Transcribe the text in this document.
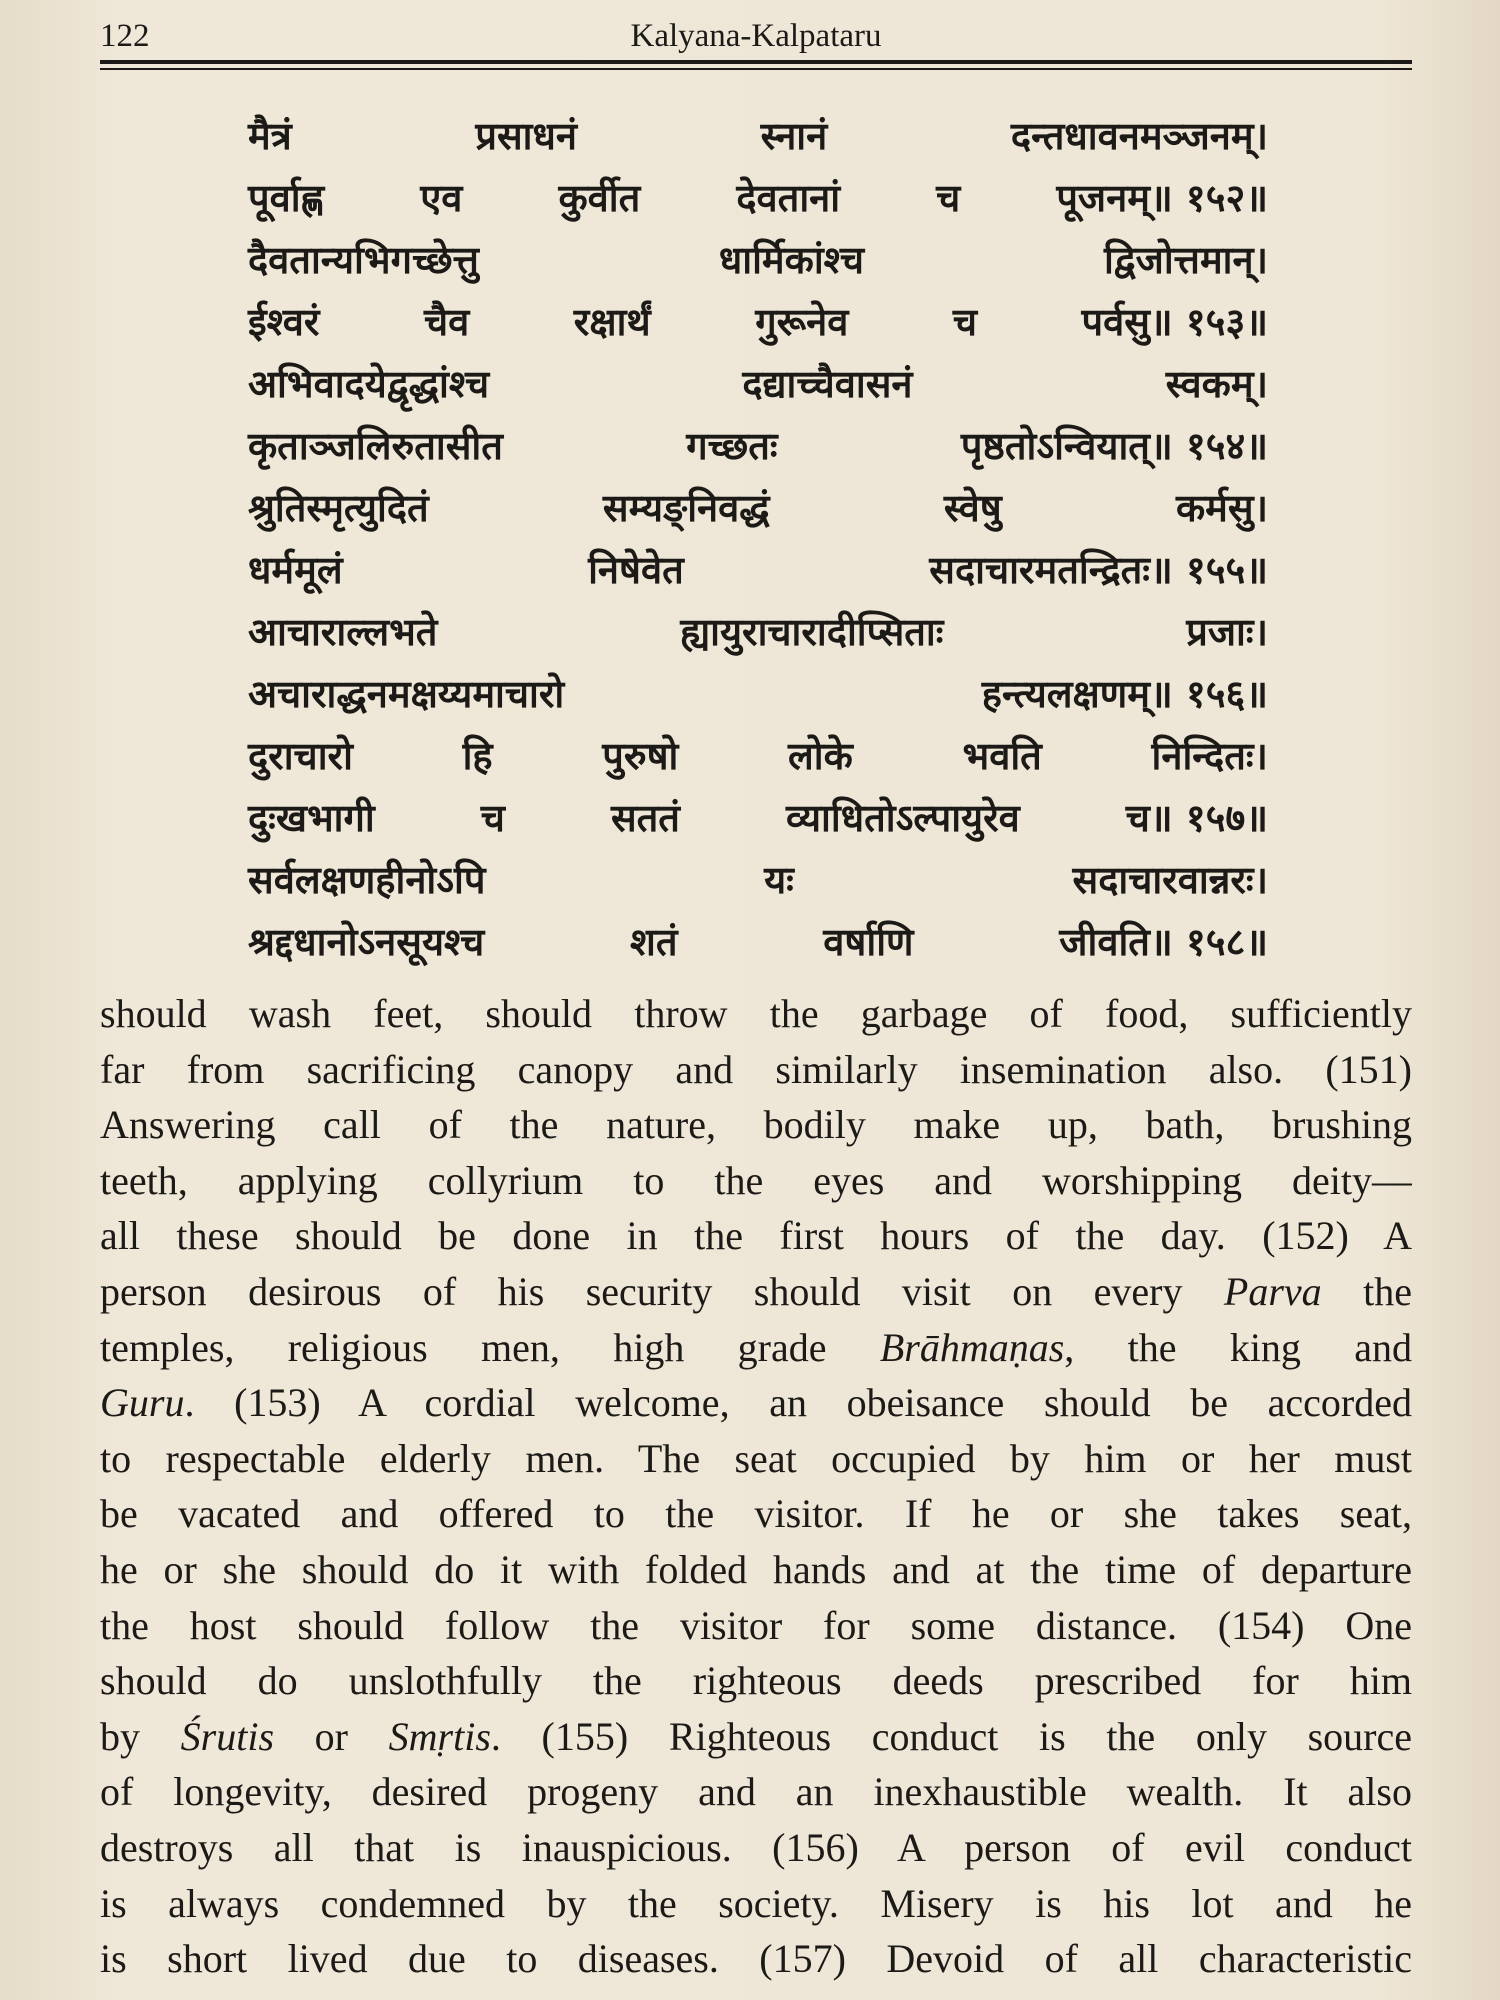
122	Kalyana-Kalpataru
मैत्रं	प्रसाधनं	स्नानं	दन्तधावनमञ्जनम्।
पूर्वाह्ण	एव	कुर्वीत	देवतानां	च	पूजनम्॥ १५२॥
दैवतान्यभिगच्छेत्तु	धार्मिकांश्च	द्विजोत्तमान्।
ईश्वरं	चैव	रक्षार्थं	गुरूनेव	च	पर्वसु॥ १५३॥
अभिवादयेद्वृद्धांश्च	दद्याच्चैवासनं	स्वकम्।
कृताञ्जलिरुतासीत	गच्छतः	पृष्ठतोऽन्वियात्॥ १५४॥
श्रुतिस्मृत्युदितं	सम्यङ्निवद्धं	स्वेषु	कर्मसु।
धर्ममूलं	निषेवेत	सदाचारमतन्द्रितः॥ १५५॥
आचाराल्लभते	ह्यायुराचारादीप्सिताः	प्रजाः।
अचाराद्धनमक्षय्यमाचारो	हन्त्यलक्षणम्॥ १५६॥
दुराचारो	हि	पुरुषो	लोके	भवति	निन्दितः।
दुःखभागी	च	सततं	व्याधितोऽल्पायुरेव	च॥ १५७॥
सर्वलक्षणहीनोऽपि	यः	सदाचारवान्नरः।
श्रद्दधानोऽनसूयश्च	शतं	वर्षाणि	जीवति॥ १५८॥
should wash feet, should throw the garbage of food, sufficiently
far from sacrificing canopy and similarly insemination also. (151)
Answering call of the nature, bodily make up, bath, brushing
teeth, applying collyrium to the eyes and worshipping deity—
all these should be done in the first hours of the day. (152) A
person desirous of his security should visit on every Parva the
temples, religious men, high grade Brāhmaṇas, the king and
Guru. (153) A cordial welcome, an obeisance should be accorded
to respectable elderly men. The seat occupied by him or her must
be vacated and offered to the visitor. If he or she takes seat,
he or she should do it with folded hands and at the time of departure
the host should follow the visitor for some distance. (154) One
should do unslothfully the righteous deeds prescribed for him
by Śrutis or Smṛtis. (155) Righteous conduct is the only source
of longevity, desired progeny and an inexhaustible wealth. It also
destroys all that is inauspicious. (156) A person of evil conduct
is always condemned by the society. Misery is his lot and he
is short lived due to diseases. (157) Devoid of all characteristic
